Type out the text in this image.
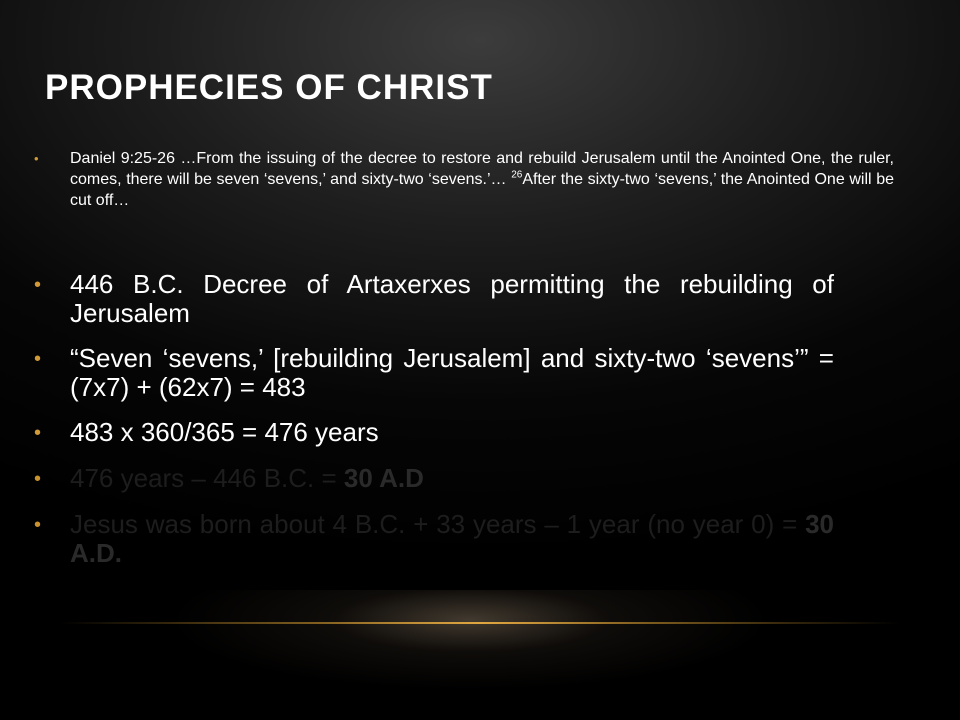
PROPHECIES OF CHRIST
•	Daniel 9:25-26 …From the issuing of the decree to restore and rebuild Jerusalem until the Anointed One, the ruler, comes, there will be seven ‘sevens,’ and sixty-two ‘sevens.’… $^{26}$After the sixty-two ‘sevens,’ the Anointed One will be cut off…
•	446 B.C. Decree of Artaxerxes permitting the rebuilding of Jerusalem
•	“Seven ‘sevens,’ [rebuilding Jerusalem] and sixty-two ‘sevens’” = (7x7) + (62x7) = 483
•	483 x 360/365 = 476 years
•	476 years – 446 B.C. = 30 A.D
•	Jesus was born about 4 B.C. + 33 years – 1 year (no year 0) = 30 A.D.
